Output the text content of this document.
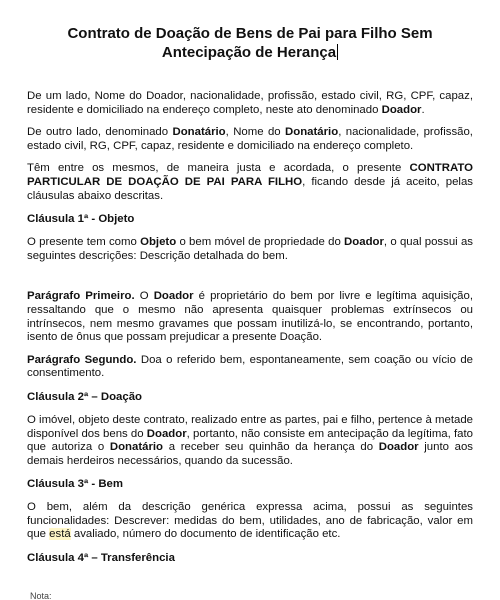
Contrato de Doação de Bens de Pai para Filho Sem
Antecipação de Herança

De um lado, Nome do Doador, nacionalidade, profissão, estado civil, RG, CPF, capaz, residente e domiciliado na endereço completo, neste ato denominado Doador.

De outro lado, denominado Donatário, Nome do Donatário, nacionalidade, profissão, estado civil, RG, CPF, capaz, residente e domiciliado na endereço completo.

Têm entre os mesmos, de maneira justa e acordada, o presente CONTRATO PARTICULAR DE DOAÇÃO DE PAI PARA FILHO, ficando desde já aceito, pelas cláusulas abaixo descritas.

Cláusula 1ª - Objeto

O presente tem como Objeto o bem móvel de propriedade do Doador, o qual possui as seguintes descrições: Descrição detalhada do bem.

Parágrafo Primeiro. O Doador é proprietário do bem por livre e legítima aquisição, ressaltando que o mesmo não apresenta quaisquer problemas extrínsecos ou intrínsecos, nem mesmo gravames que possam inutilizá-lo, se encontrando, portanto, isento de ônus que possam prejudicar a presente Doação.

Parágrafo Segundo. Doa o referido bem, espontaneamente, sem coação ou vício de consentimento.

Cláusula 2ª – Doação

O imóvel, objeto deste contrato, realizado entre as partes, pai e filho, pertence à metade disponível dos bens do Doador, portanto, não consiste em antecipação da legítima, fato que autoriza o Donatário a receber seu quinhão da herança do Doador junto aos demais herdeiros necessários, quando da sucessão.

Cláusula 3ª - Bem

O bem, além da descrição genérica expressa acima, possui as seguintes funcionalidades: Descrever: medidas do bem, utilidades, ano de fabricação, valor em que está avaliado, número do documento de identificação etc.

Cláusula 4ª – Transferência
Nota:
